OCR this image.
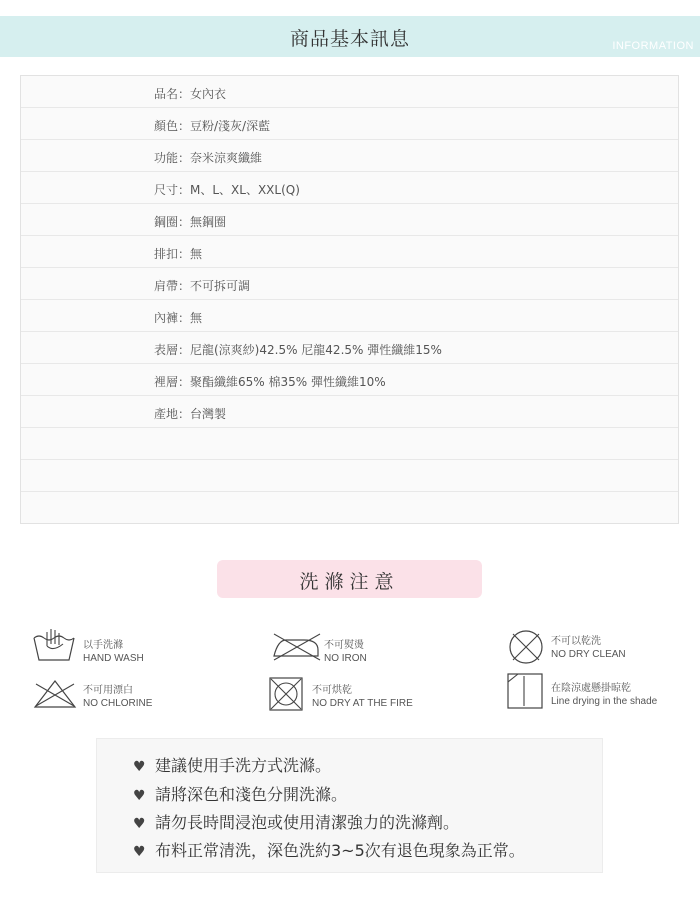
商品基本訊息	INFORMATION
品名：女內衣
顏色：豆粉/淺灰/深藍
功能：奈米涼爽纖維
尺寸：M、L、XL、XXL(Q)
鋼圈：無鋼圈
排扣：無
肩帶：不可拆可調
內褲：無
表層：尼龍(涼爽紗)42.5% 尼龍42.5% 彈性纖維15%
裡層：聚酯纖維65% 棉35% 彈性纖維10%
產地：台灣製
洗滌注意
以手洗滌
HAND WASH
不可熨燙
NO IRON
不可以乾洗
NO DRY CLEAN
不可用漂白
NO CHLORINE
不可烘乾
NO DRY AT THE FIRE
在陰涼處懸掛晾乾
Line drying in the shade
♥ 建議使用手洗方式洗滌。
♥ 請將深色和淺色分開洗滌。
♥ 請勿長時間浸泡或使用清潔強力的洗滌劑。
♥ 布料正常清洗，深色洗約3~5次有退色現象為正常。
